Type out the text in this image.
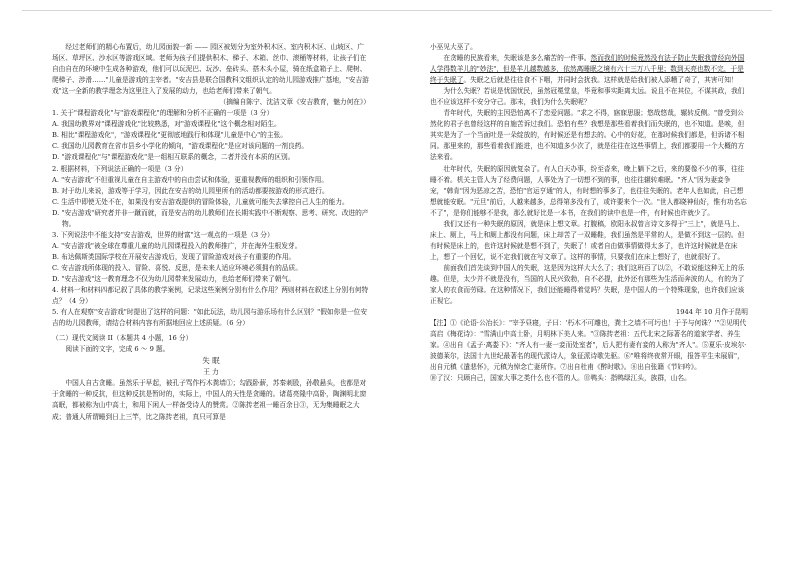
经过老师们的精心布置后，幼儿园面貌一新 —— 园区被划分为室外积木区、室内积木区、山坡区、广场区、草坪区、沙水区等游戏区域。老师为孩子们提供积木、梯子、木箱、丝巾、滚桶等材料，让孩子们在自由自在的环境中生成各种游戏，他们可以玩泥巴、玩沙、垒砖头、搭木头小屋，骑在纸盒箱子上、爬树、爬梯子、涉滑……"儿童是游戏的主宰者。"安吉县是联合国教科文组织认定的幼儿园游戏推广基地，"安吉游戏"这一全新的教学理念为这里注入了发展的动力，也给老师们带来了朝气。

（摘编自陈宁、沈洁文章《安吉教育，魅力何在》）

1. 关于"课程游戏化"与"游戏课程化"的理解和分析不正确的一项是（3 分）

A. 我国幼教界对"课程游戏化"比较熟悉，对"游戏课程化"这个概念相对陌生。

B. 相比"课程游戏化"，"游戏课程化"更彻底地践行和体现"儿童是中心"的主张。

C. 我国幼儿园教育在省市县乡小学化的倾向，"游戏课程化"是应对该问题的一剂良药。

D. "游戏课程化"与"课程游戏化"是一组相互联系的概念，二者并没有本质的区别。

2. 根据材料，下列说法正确的一项是（3 分）

A. "安吉游戏"不但重视儿童在自主游戏中的自由尝试和体验，更重视教师的组织和引领作用。

B. 对于幼儿来说，游戏等于学习，因此在安吉的幼儿园里所有的活动都要按游戏的形式进行。

C. 生活中即使无处不在，如果没有安吉游戏提供的冒险体验，儿童就可能失去掌控自己人生的能力。

D. "安吉游戏"研究者并非一蹴而就，而是安吉的幼儿教师们在长期实践中不断观察、思考、研究、改进的产物。

3. 下列说法中不能支持"安吉游戏，世界的财富"这一观点的一项是（3 分）

A. "安吉游戏"被全球在尊重儿童的幼儿园课程投入的教师推广，并在海外生根发芽。

B. 布达佩斯类国际学校在开展安吉游戏后，发现了冒险游戏对孩子有重要的作用。

C. 安吉游戏所体现的投入、冒险、喜悦、反思，是未来人适应环境必须拥有的品质。

D. "安吉游戏"这一教育理念不仅为幼儿园带来发展动力，也给老师们带来了朝气。

4. 材料一和材料四都记叙了具体的教学案例，记录这些案例分别有什么作用？两则材料在叙述上分别有何特点？（4 分）

5. 有人在观察"安吉游戏"时提出了这样的问题："如此玩法，幼儿园与游乐场有什么区别？"假如你是一位安吉的幼儿园教师，请结合材料内容有所据地回应上述质疑。（6 分）

（二）现代文阅读 II（本题共 4 小题，16 分）

阅读下面的文字，完成 6 ～ 9 题。

失 眠

王 力

中国人自古贪睡。虽然乐于早起，被孔子骂作朽木粪墙①；勾践卧薪，苏秦刺股，孙敬悬头，也都是对于贪睡的一种反抗，但这种反抗是暂时的，实际上，中国人的天性是贪睡的。诸葛亮隆中高卧，陶渊明北窗高眠，都被称为山中高士，和用下闲人一样备受诗人的赞赏。②陈抟老祖一睡百余日③，无为集睡眠之大成；普通人所谓睡到日上三竿，比之陈抟老祖，真只可算是

小巫见大巫了。

在贪睡的民族看来，失眠该是多么痛苦的一件事。然而我们的时候竟然没有法子防止失眠我曾经向外国人学得数羊儿的"妙法"，但是羊儿越数越多，依然离睡眠之境有六十三万八千里；数到天亮也数不完，于是终于失眠了。失眠之后就是往往食不下咽，并同时会扰我。这样就是给我们被人添糟了奇了，其害可知！

为什么失眠？若说是忧国忧民，虽然冠冕堂皇，毕竟和事实距离太远。说且不在其位，不谋其政，我们也不应该这样不安分守己。那末，我们为什么失眠呢？

青年时代，失眠的主因恐怕离不了恋爱问题。"求之不得，寤寐思服；悠哉悠哉，辗转反侧。"曾受到公然化的君子也曾经这样的自施苦诉过我们。恐怕有些？我想是那些看着我们而失眠的，也不知道。是唉，但其实是为了一个当面吐是一朵绽放的，有时候还是有想去的。心中的好花，在那时候我们都是，但诉诸不相同。那里来的，那些看着我们能进，也不知道多少次了，就是往往在这些事情上，我们都要用一个大概的方法来看。

壮年时代，失眠的原因就复杂了。有人白天办事，纷至沓来，晚上躺下之后，来的要像不少的事，往往睡不着。机关主管人为了经费问题，人事处为了一切想不到的事，也往往辗转难眠。"齐人"因为妻妾争宠，"韩肯"因为恶凉之苦，恐怕"官运亨通"的人，有时想的事多了，也往往失眠的。老年人也如此，自己想想就能安眠。"元旦"前后，人越来越多，总得第多没有了，或许要来个一次。"世人都晓神仙好，惟有功名忘不了"，是你们能够不是我，那么就好比是一本书，在我们的读中也是一件，有时候也许就少了。

我们又还有一种失眠的原因，就是床上想文章。打腹稿，欧阳永叔曾言诗文多得于"三上"，就是马上、床上、厕上，马上和厕上都没有问题，床上却苦了一双睡鞋，我们虽然是平常的人，是做不到这一层的。但有时候是床上的，也许这时候就是想不到了，失眠了！或者自由做事情做得太多了，也许这时候就是在床上，想了一个回忆，说不定我们就在写文章了。这样的事情，只要我们在床上想好了，也就很好了。

前面我们首先谈到中国人的失眠，这是因为这样大大么了；我们这班百了以②，不敢说能这种无上的乐趣。但是，太少并不就是没有，当国的人民兴致勃，自不必提，此外还有那些为生活而奔波的人，有的为了家人的衣食而劳碌。在这种情况下，我们还能睡得着觉吗？失眠，是中国人的一个特殊现象，也许我们应该正视它。

1944 年 10 月作于昆明

【注】①《论语·公冶长》："宰予昼寝，子曰：'朽木不可雕也，粪土之墙不可圬也！于予与何诛？'"②见明代高启《梅花诗》："雪满山中高士卧，月明林下美人来。"③陈抟老祖：五代北宋之际著名的道家学者、养生家。④出自《孟子·离娄下》："齐人有一妻一妾而处室者"，后人把有妻有妾的人称为"齐人"。⑤夏乐·皮埃尔·波德莱尔，法国十九世纪最著名的现代派诗人，象征派诗歌先驱。⑥"唯将终夜常开眼，报答平生未展眉"，出自元稹《遣悲怀》，元稹为悼念亡妻所作。⑦出自杜甫《醉时歌》。⑧出自张籍《节妇吟》。

⑩了汉：只顾自己，国家大事之类什么也不管的人。⑪鸭头：指鸭绿江头，族群，山名。
